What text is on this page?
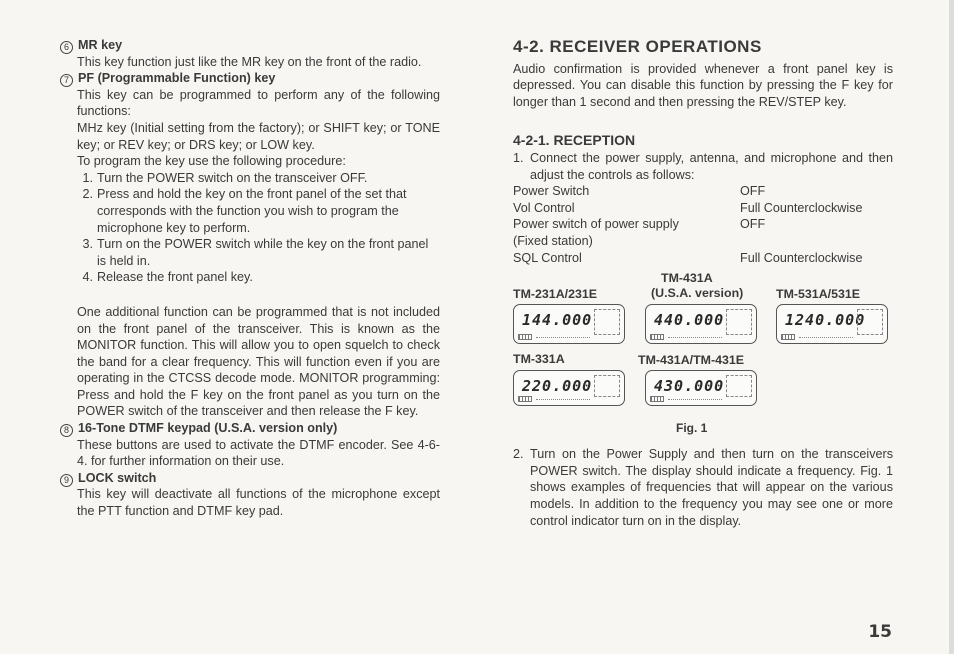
6 MR key
This key function just like the MR key on the front of the radio.
7 PF (Programmable Function) key
This key can be programmed to perform any of the following functions:
MHz key (Initial setting from the factory); or SHIFT key; or TONE key; or REV key; or DRS key; or LOW key.
To program the key use the following procedure:
1. Turn the POWER switch on the transceiver OFF.
2. Press and hold the key on the front panel of the set that corresponds with the function you wish to program the microphone key to perform.
3. Turn on the POWER switch while the key on the front panel is held in.
4. Release the front panel key.
One additional function can be programmed that is not included on the front panel of the transceiver. This is known as the MONITOR function. This will allow you to open squelch to check the band for a clear frequency. This will function even if you are operating in the CTCSS decode mode. MONITOR programming: Press and hold the F key on the front panel as you turn on the POWER switch of the transceiver and then release the F key.
8 16-Tone DTMF keypad (U.S.A. version only)
These buttons are used to activate the DTMF encoder. See 4-6-4. for further information on their use.
9 LOCK switch
This key will deactivate all functions of the microphone except the PTT function and DTMF key pad.
4-2. RECEIVER OPERATIONS
Audio confirmation is provided whenever a front panel key is depressed. You can disable this function by pressing the F key for longer than 1 second and then pressing the REV/STEP key.
4-2-1. RECEPTION
1. Connect the power supply, antenna, and microphone and then adjust the controls as follows:
Power Switch	OFF
Vol Control	Full Counterclockwise
Power switch of power supply	OFF
(Fixed station)
SQL Control	Full Counterclockwise
TM-231A/231E
TM-431A
(U.S.A. version)	TM-531A/531E
144.000	440.000	1240.000
TM-331A	TM-431A/TM-431E
220.000	430.000
Fig. 1
2. Turn on the Power Supply and then turn on the transceivers POWER switch. The display should indicate a frequency. Fig. 1 shows examples of frequencies that will appear on the various models. In addition to the frequency you may see one or more control indicator turn on in the display.
15
